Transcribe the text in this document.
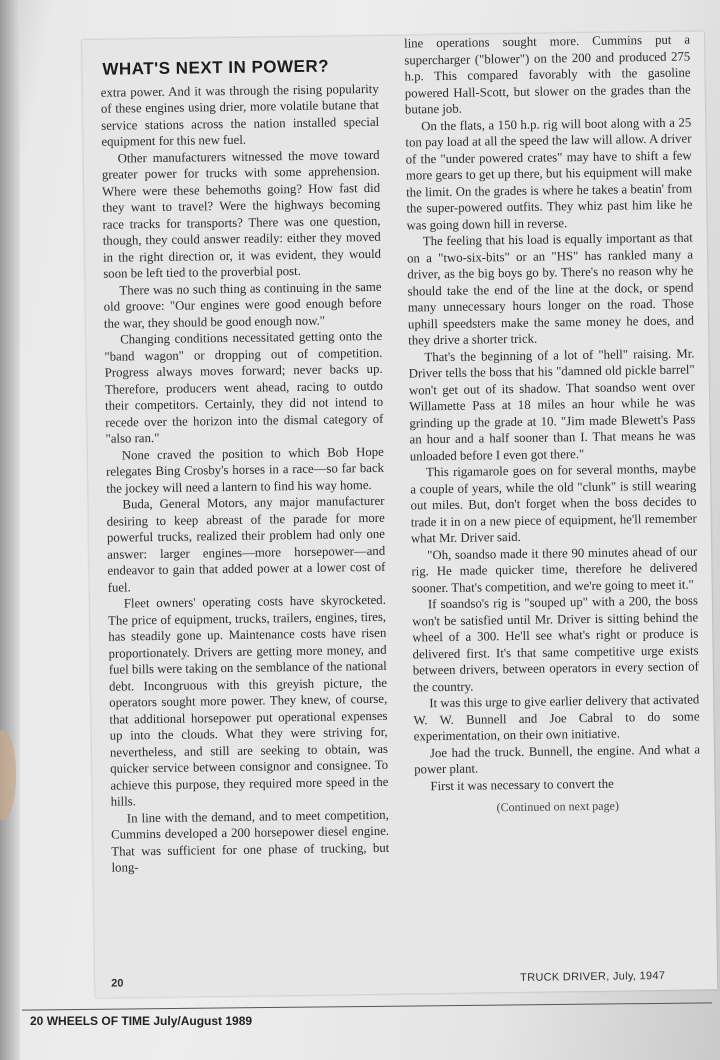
WHAT'S NEXT IN POWER?

extra power. And it was through the rising popularity of these engines using drier, more volatile butane that service stations across the nation installed special equipment for this new fuel.

Other manufacturers witnessed the move toward greater power for trucks with some apprehension. Where were these behemoths going? How fast did they want to travel? Were the highways becoming race tracks for transports? There was one question, though, they could answer readily: either they moved in the right direction or, it was evident, they would soon be left tied to the proverbial post.

There was no such thing as continuing in the same old groove: "Our engines were good enough before the war, they should be good enough now."

Changing conditions necessitated getting onto the "band wagon" or dropping out of competition. Progress always moves forward; never backs up. Therefore, producers went ahead, racing to outdo their competitors. Certainly, they did not intend to recede over the horizon into the dismal category of "also ran."

None craved the position to which Bob Hope relegates Bing Crosby's horses in a race—so far back the jockey will need a lantern to find his way home.

Buda, General Motors, any major manufacturer desiring to keep abreast of the parade for more powerful trucks, realized their problem had only one answer: larger engines—more horsepower—and endeavor to gain that added power at a lower cost of fuel.

Fleet owners' operating costs have skyrocketed. The price of equipment, trucks, trailers, engines, tires, has steadily gone up. Maintenance costs have risen proportionately. Drivers are getting more money, and fuel bills were taking on the semblance of the national debt. Incongruous with this greyish picture, the operators sought more power. They knew, of course, that additional horsepower put operational expenses up into the clouds. What they were striving for, nevertheless, and still are seeking to obtain, was quicker service between consignor and consignee. To achieve this purpose, they required more speed in the hills.

In line with the demand, and to meet competition, Cummins developed a 200 horsepower diesel engine. That was sufficient for one phase of trucking, but long-

line operations sought more. Cummins put a supercharger ("blower") on the 200 and produced 275 h.p. This compared favorably with the gasoline powered Hall-Scott, but slower on the grades than the butane job.

On the flats, a 150 h.p. rig will boot along with a 25 ton pay load at all the speed the law will allow. A driver of the "under powered crates" may have to shift a few more gears to get up there, but his equipment will make the limit. On the grades is where he takes a beatin' from the super-powered outfits. They whiz past him like he was going down hill in reverse.

The feeling that his load is equally important as that on a "two-six-bits" or an "HS" has rankled many a driver, as the big boys go by. There's no reason why he should take the end of the line at the dock, or spend many unnecessary hours longer on the road. Those uphill speedsters make the same money he does, and they drive a shorter trick.

That's the beginning of a lot of "hell" raising. Mr. Driver tells the boss that his "damned old pickle barrel" won't get out of its shadow. That soandso went over Willamette Pass at 18 miles an hour while he was grinding up the grade at 10. "Jim made Blewett's Pass an hour and a half sooner than I. That means he was unloaded before I even got there."

This rigamarole goes on for several months, maybe a couple of years, while the old "clunk" is still wearing out miles. But, don't forget when the boss decides to trade it in on a new piece of equipment, he'll remember what Mr. Driver said.

"Oh, soandso made it there 90 minutes ahead of our rig. He made quicker time, therefore he delivered sooner. That's competition, and we're going to meet it."

If soandso's rig is "souped up" with a 200, the boss won't be satisfied until Mr. Driver is sitting behind the wheel of a 300. He'll see what's right or produce is delivered first. It's that same competitive urge exists between drivers, between operators in every section of the country.

It was this urge to give earlier delivery that activated W. W. Bunnell and Joe Cabral to do some experimentation, on their own initiative.

Joe had the truck. Bunnell, the engine. And what a power plant.

First it was necessary to convert the

(Continued on next page)
20	TRUCK DRIVER, July, 1947
20 WHEELS OF TIME July/August 1989
